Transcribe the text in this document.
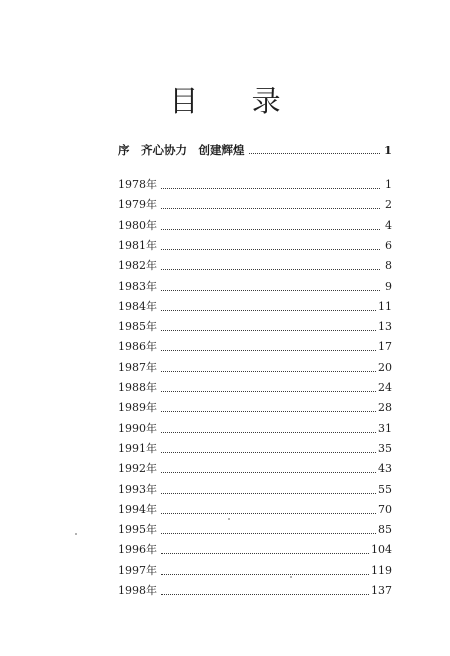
目 录
序　齐心协力　创建辉煌	1
1978年	1
1979年	2
1980年	4
1981年	6
1982年	8
1983年	9
1984年	11
1985年	13
1986年	17
1987年	20
1988年	24
1989年	28
1990年	31
1991年	35
1992年	43
1993年	55
1994年	70
1995年	85
1996年	104
1997年	119
1998年	137
